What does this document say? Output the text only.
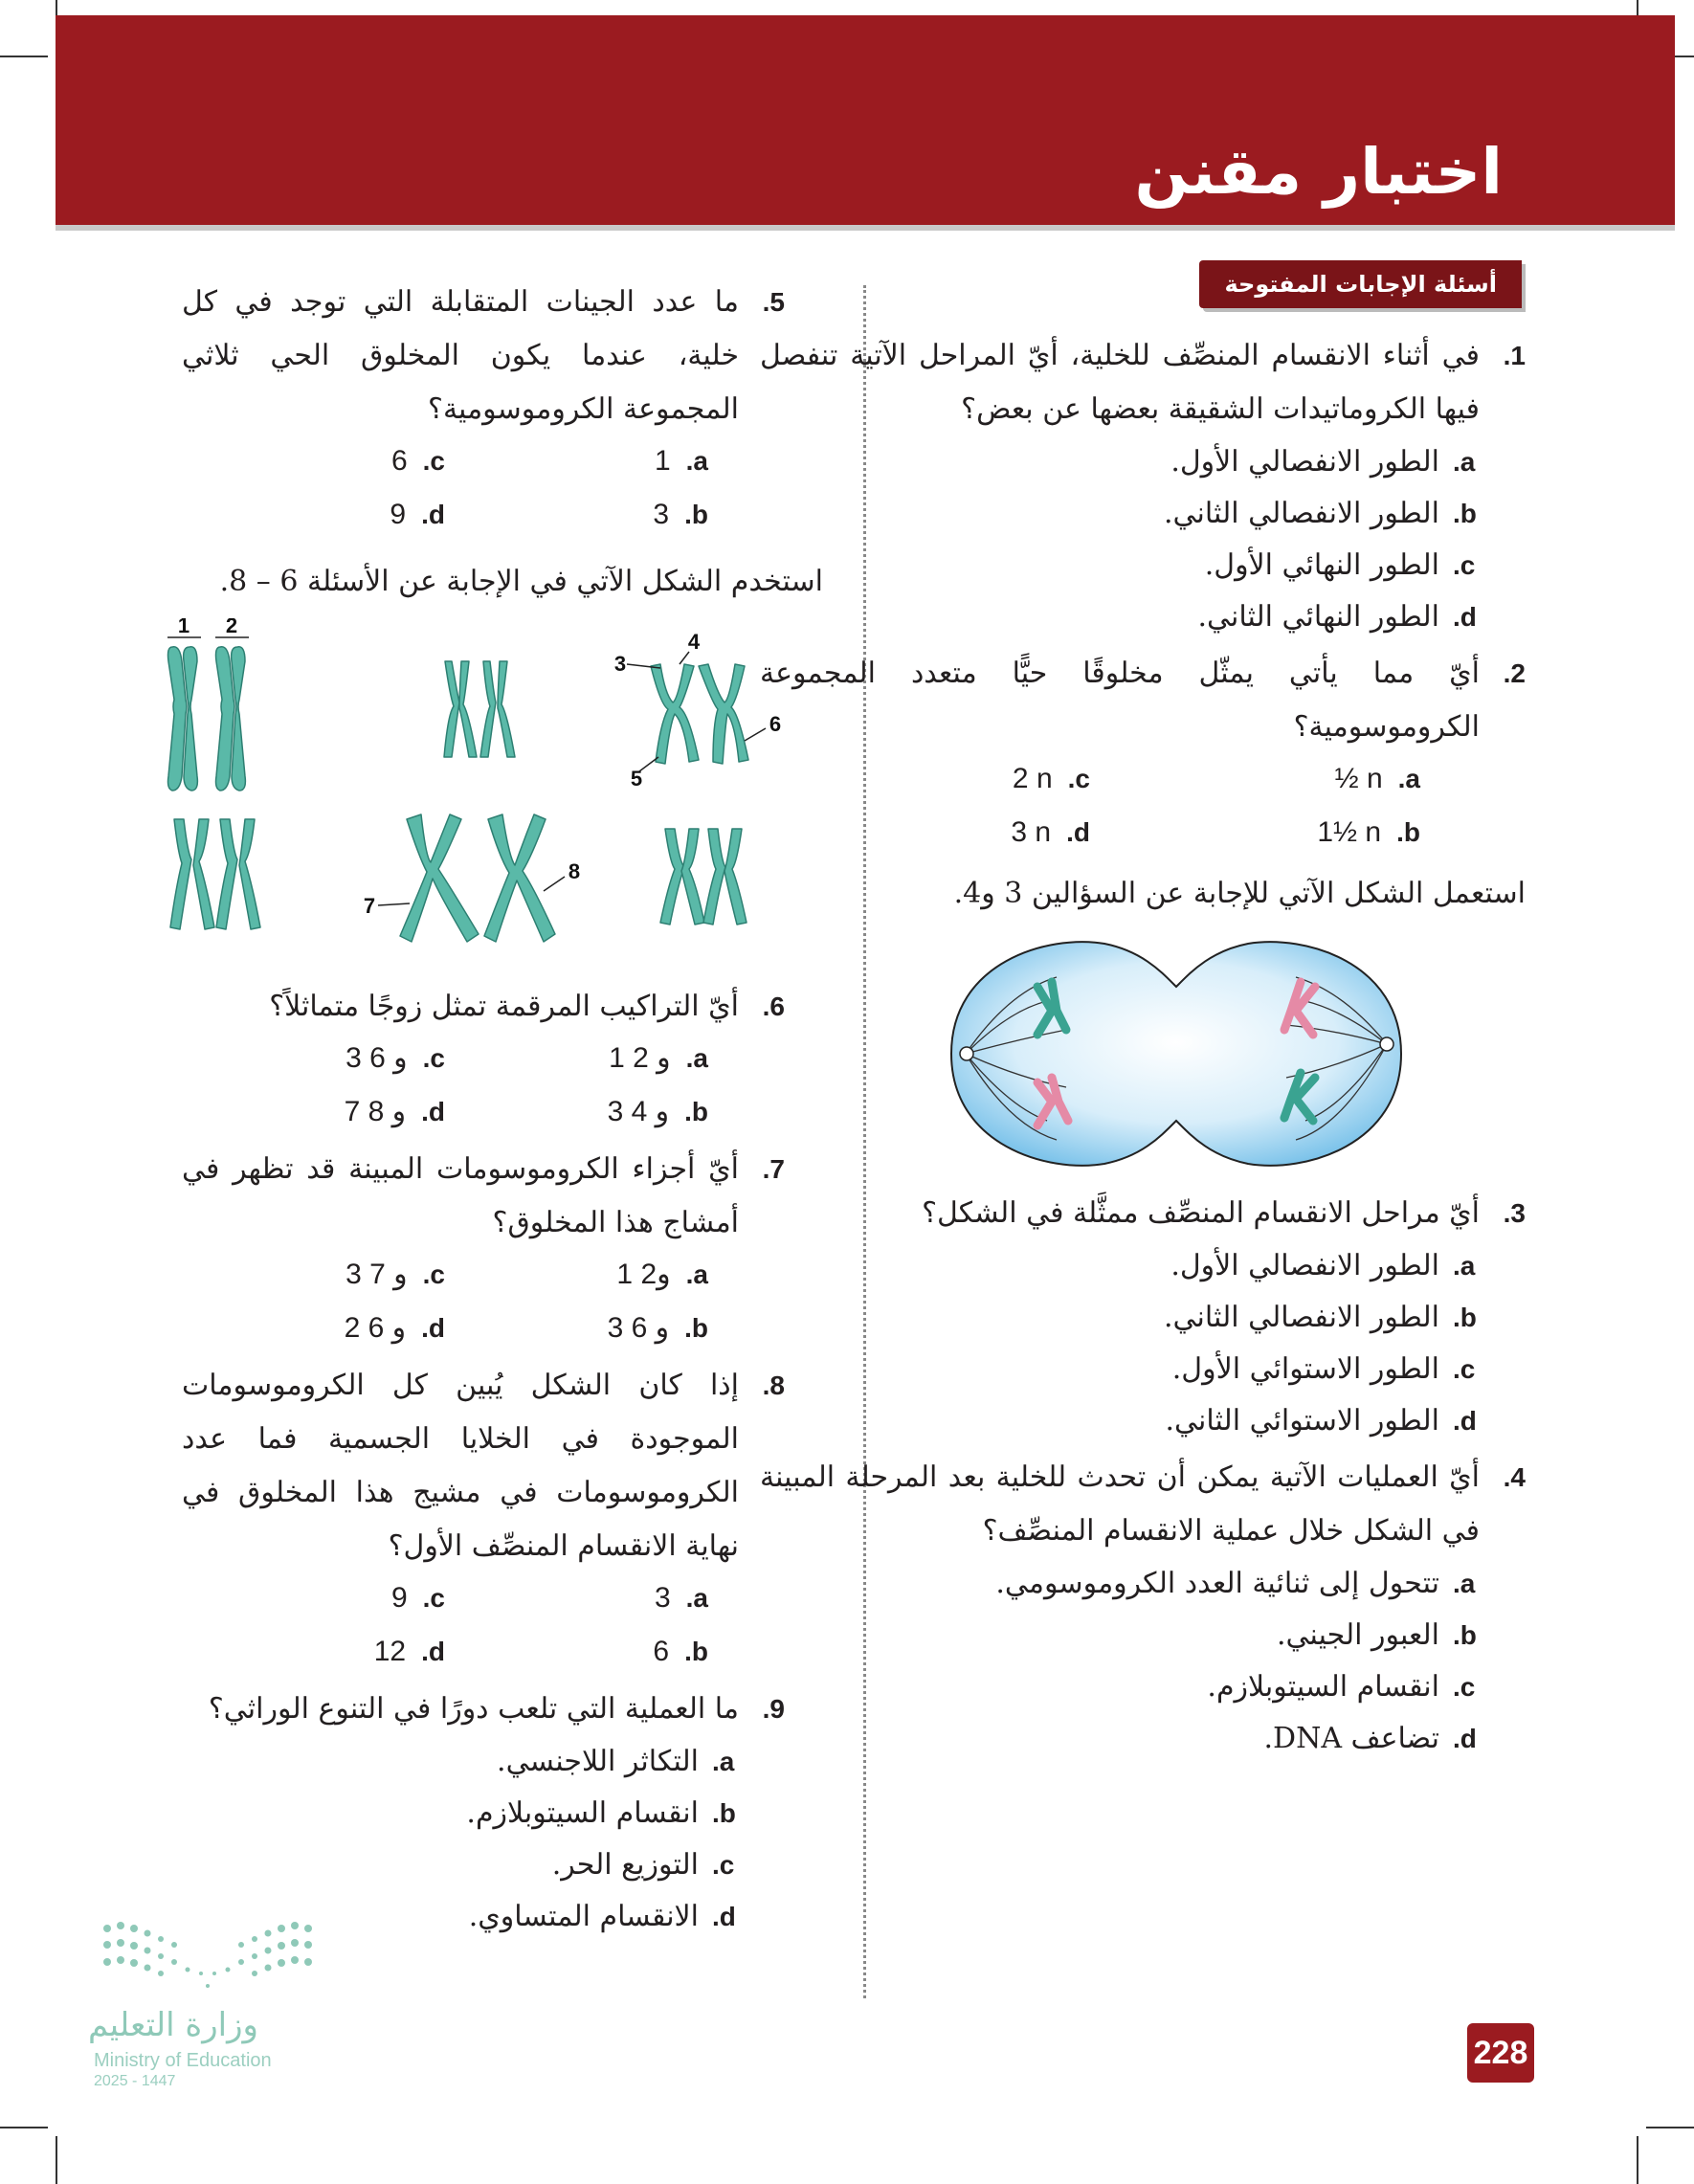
اختبار مقنن
أسئلة الإجابات المفتوحة
.1
في أثناء الانقسام المنصِّف للخلية، أيّ المراحل الآتية تنفصل فيها الكروماتيدات الشقيقة بعضها عن بعض؟
.a
الطور الانفصالي الأول.
.b
الطور الانفصالي الثاني.
.c
الطور النهائي الأول.
.d
الطور النهائي الثاني.
.2
أيّ مما يأتي يمثّل مخلوقًا حيًّا متعدد المجموعة الكروموسومية؟
.a
½ n
.c
2 n
.b
1½ n
.d
3 n
استعمل الشكل الآتي للإجابة عن السؤالين 3 و4.
.3
أيّ مراحل الانقسام المنصِّف ممثَّلة في الشكل؟
.a
الطور الانفصالي الأول.
.b
الطور الانفصالي الثاني.
.c
الطور الاستوائي الأول.
.d
الطور الاستوائي الثاني.
.4
أيّ العمليات الآتية يمكن أن تحدث للخلية بعد المرحلة المبينة في الشكل خلال عملية الانقسام المنصِّف؟
.a
تتحول إلى ثنائية العدد الكروموسومي.
.b
العبور الجيني.
.c
انقسام السيتوبلازم.
.d
تضاعف DNA.
.5
ما عدد الجينات المتقابلة التي توجد في كل خلية، عندما يكون المخلوق الحي ثلاثي المجموعة الكروموسومية؟
.a
1
.c
6
.b
3
.d
9
استخدم الشكل الآتي في الإجابة عن الأسئلة 6 – 8.
1 2
3
4
5
6
7
8
.6
أيّ التراكيب المرقمة تمثل زوجًا متماثلاً؟
.a
1 و 2
.c
3 و 6
.b
3 و 4
.d
7 و 8
.7
أيّ أجزاء الكروموسومات المبينة قد تظهر في أمشاج هذا المخلوق؟
.a
1 و2
.c
3 و 7
.b
3 و 6
.d
2 و 6
.8
إذا كان الشكل يُبين كل الكروموسومات الموجودة في الخلايا الجسمية فما عدد الكروموسومات في مشيج هذا المخلوق في نهاية الانقسام المنصِّف الأول؟
.a
3
.c
9
.b
6
.d
12
.9
ما العملية التي تلعب دورًا في التنوع الوراثي؟
.a
التكاثر اللاجنسي.
.b
انقسام السيتوبلازم.
.c
التوزيع الحر.
.d
الانقسام المتساوي.
وزارة التعليم
Ministry of Education
2025 - 1447
228
